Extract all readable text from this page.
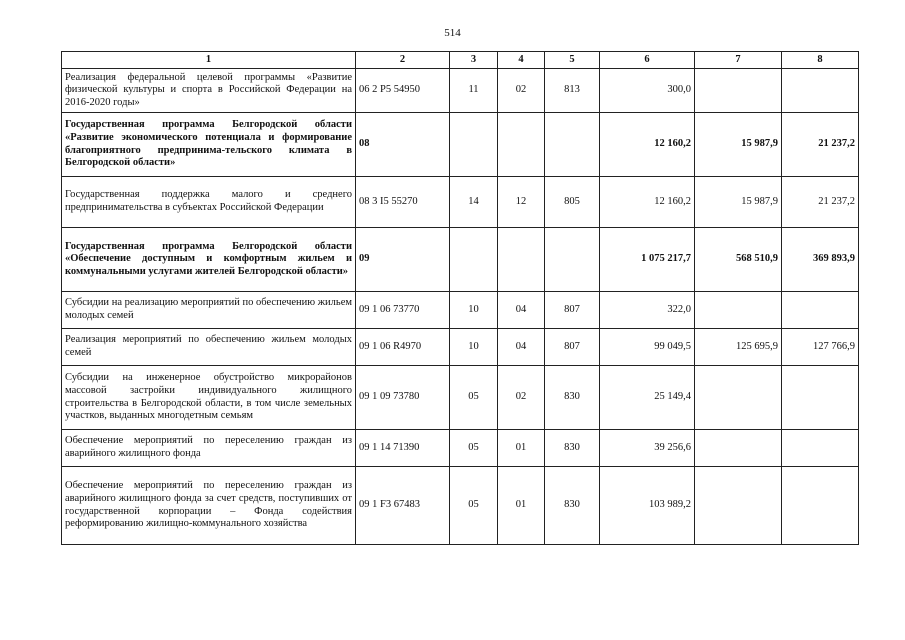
514
1	2	3	4	5	6	7	8
Реализация федеральной целевой программы «Развитие физической культуры и спорта в Российской Федерации на 2016-2020 годы»	06 2 P5 54950	11	02	813	300,0		
Государственная программа Белгородской области «Развитие экономического потенциала и формирование благоприятного предпринима-тельского климата в Белгородской области»	08				12 160,2	15 987,9	21 237,2
Государственная поддержка малого и среднего предпринимательства в субъектах Российской Федерации	08 3 I5 55270	14	12	805	12 160,2	15 987,9	21 237,2
Государственная программа Белгородской области «Обеспечение доступным и комфортным жильем и коммунальными услугами жителей Белгородской области»	09				1 075 217,7	568 510,9	369 893,9
Субсидии на реализацию мероприятий по обеспечению жильем молодых семей	09 1 06 73770	10	04	807	322,0		
Реализация мероприятий по обеспечению жильем молодых семей	09 1 06 R4970	10	04	807	99 049,5	125 695,9	127 766,9
Субсидии на инженерное обустройство микрорайонов массовой застройки индивидуального жилищного строительства в Белгородской области, в том числе земельных участков, выданных многодетным семьям	09 1 09 73780	05	02	830	25 149,4		
Обеспечение мероприятий по переселению граждан из аварийного жилищного фонда	09 1 14 71390	05	01	830	39 256,6		
Обеспечение мероприятий по переселению граждан из аварийного жилищного фонда за счет средств, поступивших от государственной корпорации – Фонда содействия реформированию жилищно-коммунального хозяйства	09 1 F3 67483	05	01	830	103 989,2		
